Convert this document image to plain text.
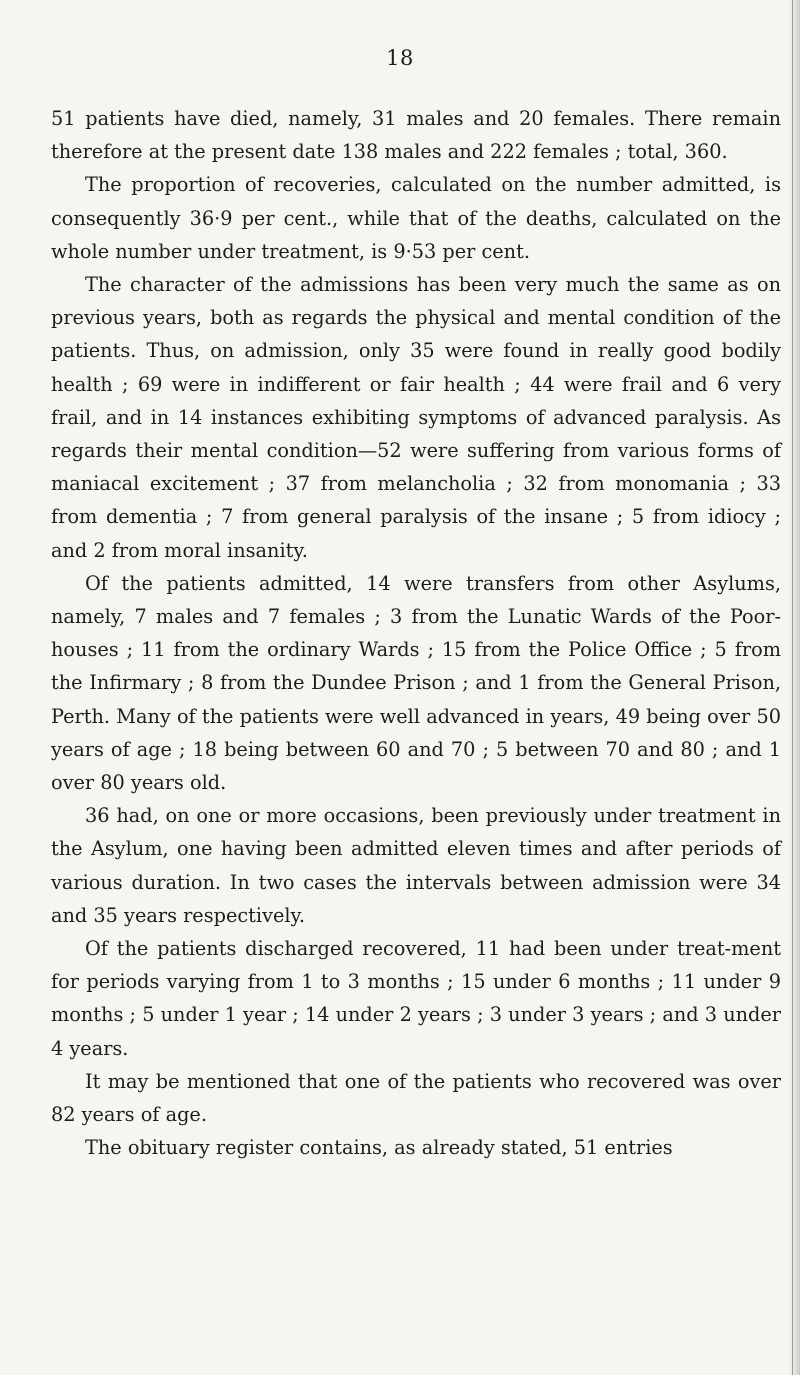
18

51 patients have died, namely, 31 males and 20 females. There remain therefore at the present date 138 males and 222 females ; total, 360.

The proportion of recoveries, calculated on the number admitted, is consequently 36·9 per cent., while that of the deaths, calculated on the whole number under treatment, is 9·53 per cent.

The character of the admissions has been very much the same as on previous years, both as regards the physical and mental condition of the patients. Thus, on admission, only 35 were found in really good bodily health ; 69 were in indifferent or fair health ; 44 were frail and 6 very frail, and in 14 instances exhibiting symptoms of advanced paralysis. As regards their mental condition—52 were suffering from various forms of maniacal excitement ; 37 from melancholia ; 32 from monomania ; 33 from dementia ; 7 from general paralysis of the insane ; 5 from idiocy ; and 2 from moral insanity.

Of the patients admitted, 14 were transfers from other Asylums, namely, 7 males and 7 females ; 3 from the Lunatic Wards of the Poor-houses ; 11 from the ordinary Wards ; 15 from the Police Office ; 5 from the Infirmary ; 8 from the Dundee Prison ; and 1 from the General Prison, Perth. Many of the patients were well advanced in years, 49 being over 50 years of age ; 18 being between 60 and 70 ; 5 between 70 and 80 ; and 1 over 80 years old.

36 had, on one or more occasions, been previously under treatment in the Asylum, one having been admitted eleven times and after periods of various duration. In two cases the intervals between admission were 34 and 35 years respectively.

Of the patients discharged recovered, 11 had been under treat-ment for periods varying from 1 to 3 months ; 15 under 6 months ; 11 under 9 months ; 5 under 1 year ; 14 under 2 years ; 3 under 3 years ; and 3 under 4 years.

It may be mentioned that one of the patients who recovered was over 82 years of age.

The obituary register contains, as already stated, 51 entries
